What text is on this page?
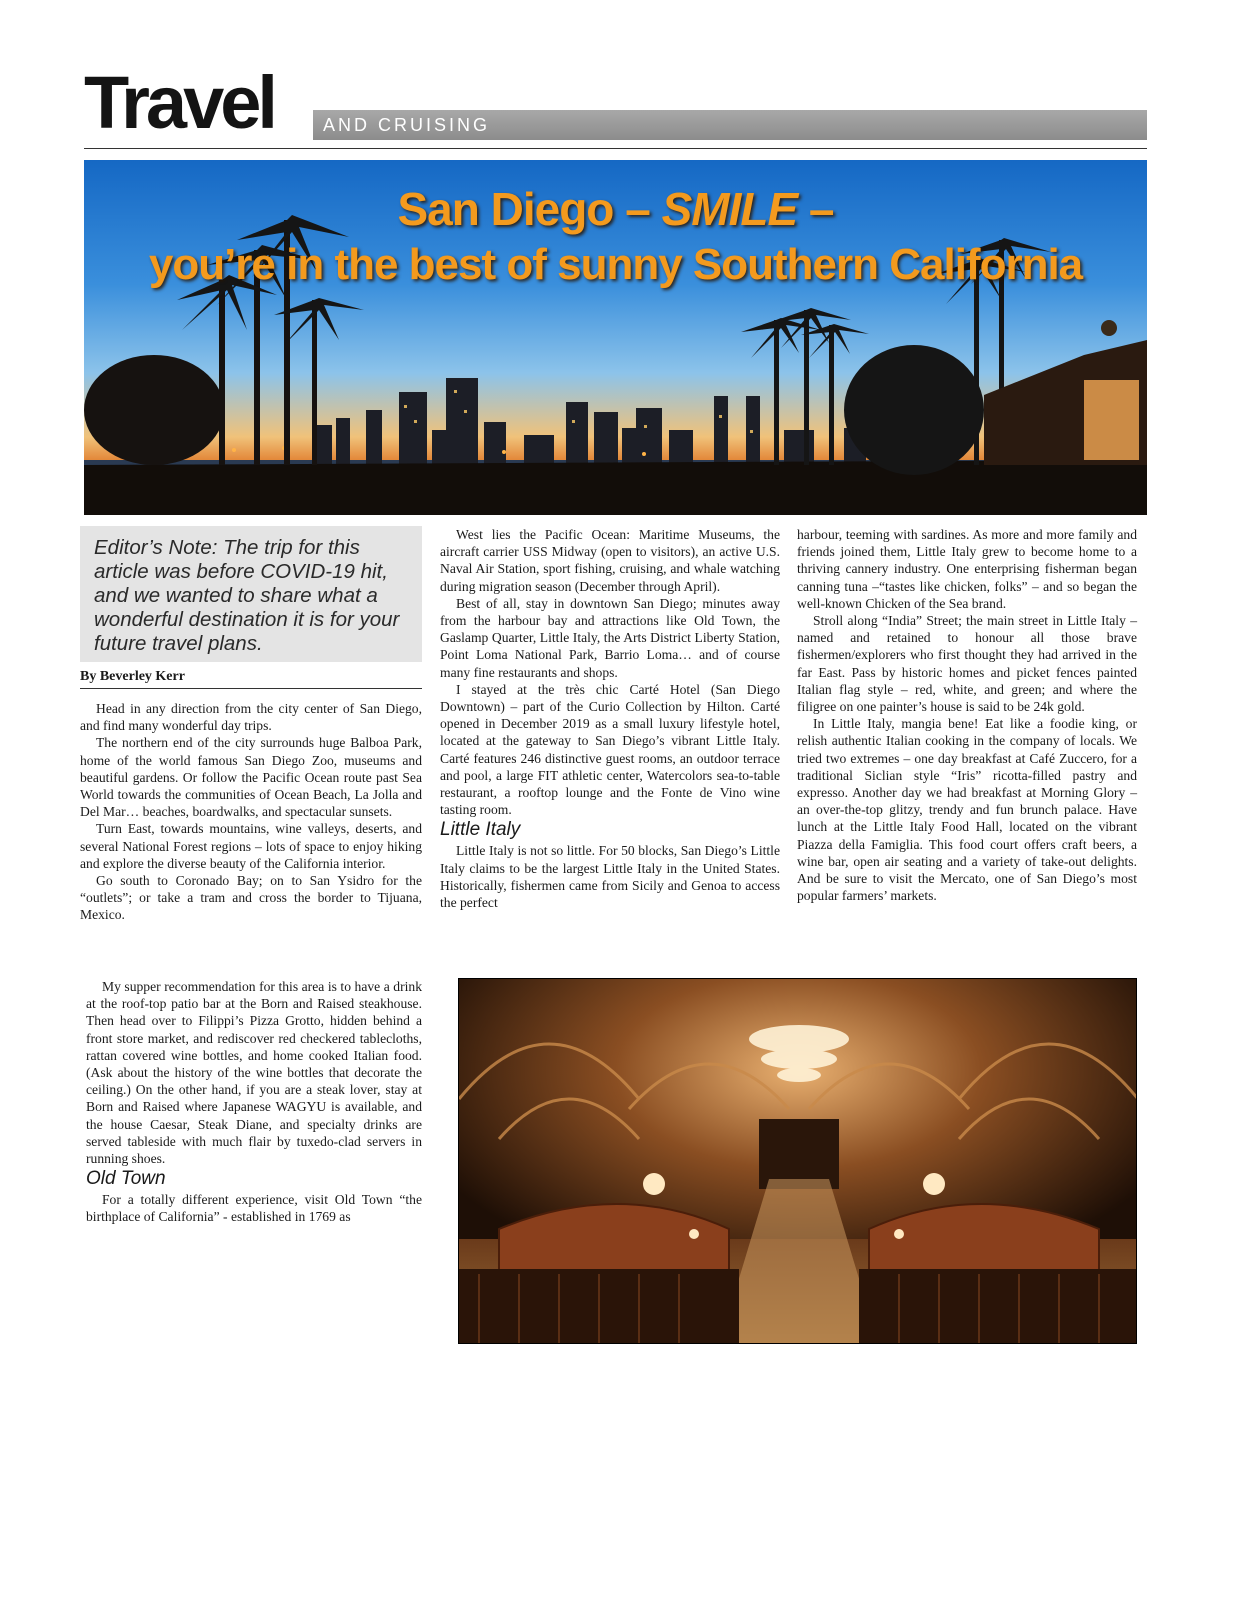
Travel	AND CRUISING
San Diego – SMILE –
you’re in the best of sunny Southern California
Editor’s Note: The trip for this article was before COVID-19 hit, and we wanted to share what a wonderful destination it is for your future travel plans.
By Beverley Kerr

Head in any direction from the city center of San Diego, and find many wonderful day trips.

The northern end of the city surrounds huge Balboa Park, home of the world famous San Diego Zoo, museums and beautiful gardens. Or follow the Pacific Ocean route past Sea World towards the communities of Ocean Beach, La Jolla and Del Mar… beaches, boardwalks, and spectacular sunsets.

Turn East, towards mountains, wine valleys, deserts, and several National Forest regions – lots of space to enjoy hiking and explore the diverse beauty of the California interior.

Go south to Coronado Bay; on to San Ysidro for the “outlets”; or take a tram and cross the border to Tijuana, Mexico.

My supper recommendation for this area is to have a drink at the roof-top patio bar at the Born and Raised steakhouse. Then head over to Filippi’s Pizza Grotto, hidden behind a front store market, and rediscover red checkered tablecloths, rattan covered wine bottles, and home cooked Italian food. (Ask about the history of the wine bottles that decorate the ceiling.) On the other hand, if you are a steak lover, stay at Born and Raised where Japanese WAGYU is available, and the house Caesar, Steak Diane, and specialty drinks are served tableside with much flair by tuxedo-clad servers in running shoes.

Old Town

For a totally different experience, visit Old Town “the birthplace of California” - established in 1769 as

West lies the Pacific Ocean: Maritime Museums, the aircraft carrier USS Midway (open to visitors), an active U.S. Naval Air Station, sport fishing, cruising, and whale watching during migration season (December through April).

Best of all, stay in downtown San Diego; minutes away from the harbour bay and attractions like Old Town, the Gaslamp Quarter, Little Italy, the Arts District Liberty Station, Point Loma National Park, Barrio Loma… and of course many fine restaurants and shops.

I stayed at the très chic Carté Hotel (San Diego Downtown) – part of the Curio Collection by Hilton. Carté opened in December 2019 as a small luxury lifestyle hotel, located at the gateway to San Diego’s vibrant Little Italy. Carté features 246 distinctive guest rooms, an outdoor terrace and pool, a large FIT athletic center, Watercolors sea-to-table restaurant, a rooftop lounge and the Fonte de Vino wine tasting room.

Little Italy

Little Italy is not so little. For 50 blocks, San Diego’s Little Italy claims to be the largest Little Italy in the United States. Historically, fishermen came from Sicily and Genoa to access the perfect

harbour, teeming with sardines. As more and more family and friends joined them, Little Italy grew to become home to a thriving cannery industry. One enterprising fisherman began canning tuna –“tastes like chicken, folks” – and so began the well-known Chicken of the Sea brand.

Stroll along “India” Street; the main street in Little Italy – named and retained to honour all those brave fishermen/explorers who first thought they had arrived in the far East. Pass by historic homes and picket fences painted Italian flag style – red, white, and green; and where the filigree on one painter’s house is said to be 24k gold.

In Little Italy, mangia bene! Eat like a foodie king, or relish authentic Italian cooking in the company of locals. We tried two extremes – one day breakfast at Café Zuccero, for a traditional Siclian style “Iris” ricotta-filled pastry and expresso. Another day we had breakfast at Morning Glory – an over-the-top glitzy, trendy and fun brunch palace. Have lunch at the Little Italy Food Hall, located on the vibrant Piazza della Famiglia. This food court offers craft beers, a wine bar, open air seating and a variety of take-out delights. And be sure to visit the Mercato, one of San Diego’s most popular farmers’ markets.
